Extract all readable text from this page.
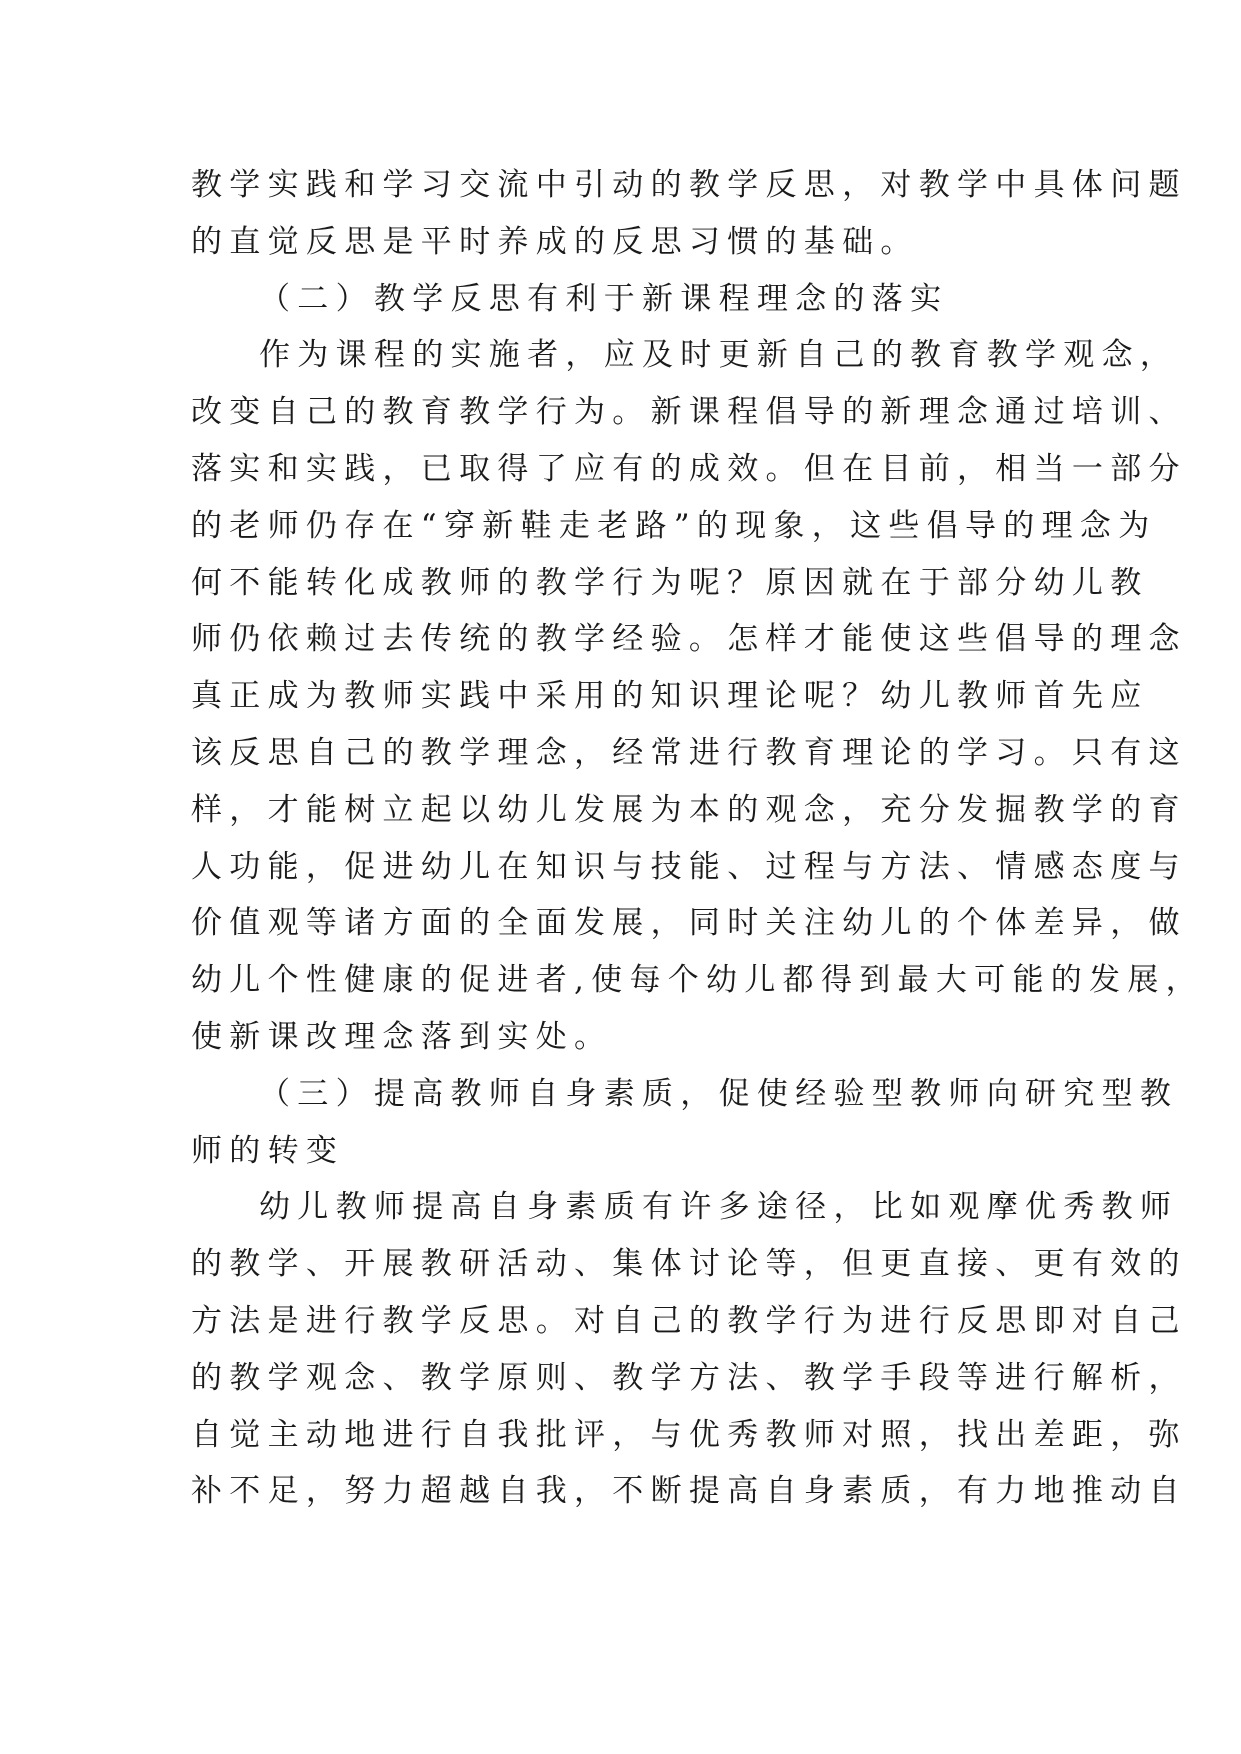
教学实践和学习交流中引动的教学反思，对教学中具体问题
的直觉反思是平时养成的反思习惯的基础。
（二）教学反思有利于新课程理念的落实
作为课程的实施者，应及时更新自己的教育教学观念，
改变自己的教育教学行为。新课程倡导的新理念通过培训、
落实和实践，已取得了应有的成效。但在目前，相当一部分
的老师仍存在“穿新鞋走老路”的现象，这些倡导的理念为
何不能转化成教师的教学行为呢？原因就在于部分幼儿教
师仍依赖过去传统的教学经验。怎样才能使这些倡导的理念
真正成为教师实践中采用的知识理论呢？幼儿教师首先应
该反思自己的教学理念，经常进行教育理论的学习。只有这
样，才能树立起以幼儿发展为本的观念，充分发掘教学的育
人功能，促进幼儿在知识与技能、过程与方法、情感态度与
价值观等诸方面的全面发展，同时关注幼儿的个体差异，做
幼儿个性健康的促进者,使每个幼儿都得到最大可能的发展，
使新课改理念落到实处。
（三）提高教师自身素质，促使经验型教师向研究型教
师的转变
幼儿教师提高自身素质有许多途径，比如观摩优秀教师
的教学、开展教研活动、集体讨论等，但更直接、更有效的
方法是进行教学反思。对自己的教学行为进行反思即对自己
的教学观念、教学原则、教学方法、教学手段等进行解析，
自觉主动地进行自我批评，与优秀教师对照，找出差距，弥
补不足，努力超越自我，不断提高自身素质，有力地推动自
